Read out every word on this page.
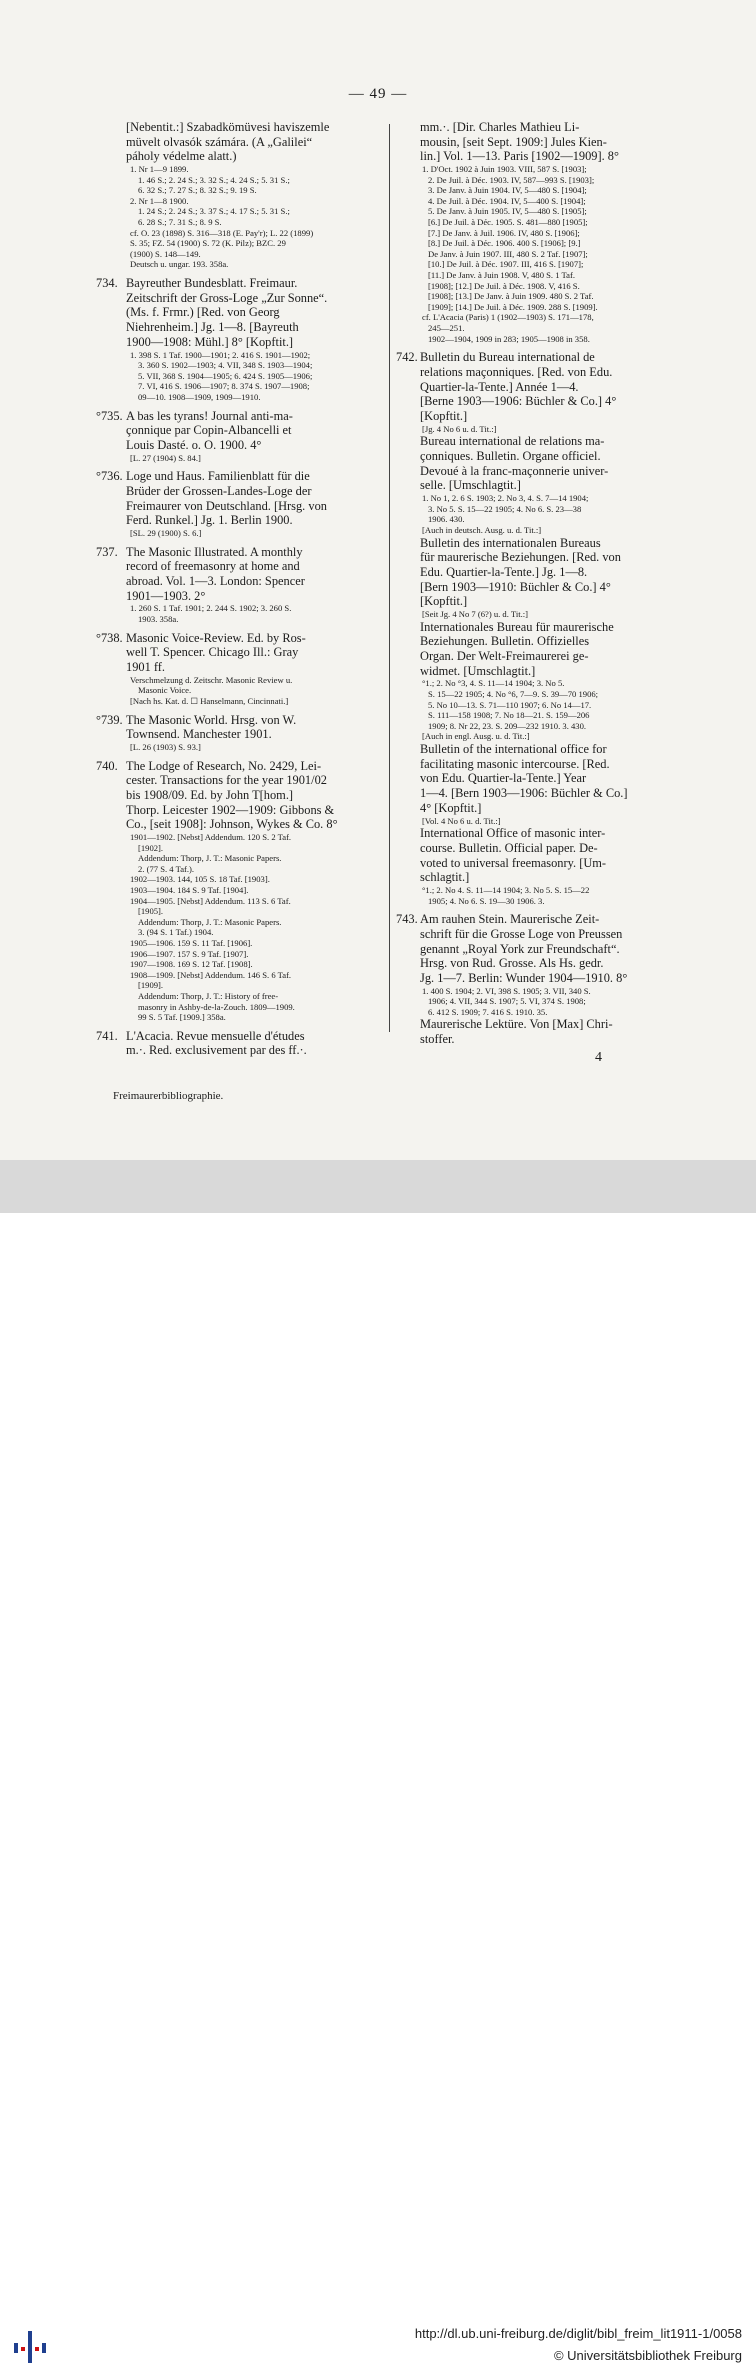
— 49 —
[Nebentit.:] Szabadkömüvesi haviszemle
müvelt olvasók számára. (A „Galilei“
páholy védelme alatt.)
1. Nr 1—9 1899.
1. 46 S.; 2. 24 S.; 3. 32 S.; 4. 24 S.; 5. 31 S.;
6. 32 S.; 7. 27 S.; 8. 32 S.; 9. 19 S.
2. Nr 1—8 1900.
1. 24 S.; 2. 24 S.; 3. 37 S.; 4. 17 S.; 5. 31 S.;
6. 28 S.; 7. 31 S.; 8. 9 S.
cf. O. 23 (1898) S. 316—318 (E. Pay'r); L. 22 (1899)
S. 35; FZ. 54 (1900) S. 72 (K. Pilz); BZC. 29
(1900) S. 148—149.
Deutsch u. ungar. 193. 358a.
734. Bayreuther Bundesblatt. Freimaur.
Zeitschrift der Gross-Loge „Zur Sonne“.
(Ms. f. Frmr.) [Red. von Georg
Niehrenheim.] Jg. 1—8. [Bayreuth
1900—1908: Mühl.] 8° [Kopftit.]
1. 398 S. 1 Taf. 1900—1901; 2. 416 S. 1901—1902;
3. 360 S. 1902—1903; 4. VII, 348 S. 1903—1904;
5. VII, 368 S. 1904—1905; 6. 424 S. 1905—1906;
7. VI, 416 S. 1906—1907; 8. 374 S. 1907—1908;
09—10. 1908—1909, 1909—1910.
°735. A bas les tyrans! Journal anti-ma-
çonnique par Copin-Albancelli et
Louis Dasté. o. O. 1900. 4°
[L. 27 (1904) S. 84.]
°736. Loge und Haus. Familienblatt für die
Brüder der Grossen-Landes-Loge der
Freimaurer von Deutschland. [Hrsg. von
Ferd. Runkel.] Jg. 1. Berlin 1900.
[SL. 29 (1900) S. 6.]
737. The Masonic Illustrated. A monthly
record of freemasonry at home and
abroad. Vol. 1—3. London: Spencer
1901—1903. 2°
1. 260 S. 1 Taf. 1901; 2. 244 S. 1902; 3. 260 S.
1903. 358a.
°738. Masonic Voice-Review. Ed. by Ros-
well T. Spencer. Chicago Ill.: Gray
1901 ff.
Verschmelzung d. Zeitschr. Masonic Review u.
Masonic Voice.
[Nach hs. Kat. d. ☐ Hanselmann, Cincinnati.]
°739. The Masonic World. Hrsg. von W.
Townsend. Manchester 1901.
[L. 26 (1903) S. 93.]
740. The Lodge of Research, No. 2429, Lei-
cester. Transactions for the year 1901/02
bis 1908/09. Ed. by John T[hom.]
Thorp. Leicester 1902—1909: Gibbons &
Co., [seit 1908]: Johnson, Wykes & Co. 8°
1901—1902. [Nebst] Addendum. 120 S. 2 Taf.
[1902].
Addendum: Thorp, J. T.: Masonic Papers.
2. (77 S. 4 Taf.).
1902—1903. 144, 105 S. 18 Taf. [1903].
1903—1904. 184 S. 9 Taf. [1904].
1904—1905. [Nebst] Addendum. 113 S. 6 Taf.
[1905].
Addendum: Thorp, J. T.: Masonic Papers.
3. (94 S. 1 Taf.) 1904.
1905—1906. 159 S. 11 Taf. [1906].
1906—1907. 157 S. 9 Taf. [1907].
1907—1908. 169 S. 12 Taf. [1908].
1908—1909. [Nebst] Addendum. 146 S. 6 Taf.
[1909].
Addendum: Thorp, J. T.: History of free-
masonry in Ashby-de-la-Zouch. 1809—1909.
99 S. 5 Taf. [1909.] 358a.
741. L'Acacia. Revue mensuelle d'études
m.·. Red. exclusivement par des ff.·.
mm.·. [Dir. Charles Mathieu Li-
mousin, [seit Sept. 1909:] Jules Kien-
lin.] Vol. 1—13. Paris [1902—1909]. 8°
1. D'Oct. 1902 à Juin 1903. VIII, 587 S. [1903];
2. De Juil. à Déc. 1903. IV, 587—993 S. [1903];
3. De Janv. à Juin 1904. IV, 5—480 S. [1904];
4. De Juil. à Déc. 1904. IV, 5—400 S. [1904];
5. De Janv. à Juin 1905. IV, 5—480 S. [1905];
[6.] De Juil. à Déc. 1905. S. 481—880 [1905];
[7.] De Janv. à Juil. 1906. IV, 480 S. [1906];
[8.] De Juil. à Déc. 1906. 400 S. [1906]; [9.]
De Janv. à Juin 1907. III, 480 S. 2 Taf. [1907];
[10.] De Juil. à Déc. 1907. III, 416 S. [1907];
[11.] De Janv. à Juin 1908. V, 480 S. 1 Taf.
[1908]; [12.] De Juil. à Déc. 1908. V, 416 S.
[1908]; [13.] De Janv. à Juin 1909. 480 S. 2 Taf.
[1909]; [14.] De Juil. à Déc. 1909. 288 S. [1909].
cf. L'Acacia (Paris) 1 (1902—1903) S. 171—178,
245—251.
1902—1904, 1909 in 283; 1905—1908 in 358.
742. Bulletin du Bureau international de
relations maçonniques. [Red. von Edu.
Quartier-la-Tente.] Année 1—4.
[Berne 1903—1906: Büchler & Co.] 4°
[Kopftit.]
[Jg. 4 No 6 u. d. Tit.:]
Bureau international de relations ma-
çonniques. Bulletin. Organe officiel.
Devoué à la franc-maçonnerie univer-
selle. [Umschlagtit.]
1. No 1, 2. 6 S. 1903; 2. No 3, 4. S. 7—14 1904;
3. No 5. S. 15—22 1905; 4. No 6. S. 23—38
1906. 430.
[Auch in deutsch. Ausg. u. d. Tit.:]
Bulletin des internationalen Bureaus
für maurerische Beziehungen. [Red. von
Edu. Quartier-la-Tente.] Jg. 1—8.
[Bern 1903—1910: Büchler & Co.] 4°
[Kopftit.]
[Seit Jg. 4 No 7 (6?) u. d. Tit.:]
Internationales Bureau für maurerische
Beziehungen. Bulletin. Offizielles
Organ. Der Welt-Freimaurerei ge-
widmet. [Umschlagtit.]
°1.; 2. No °3, 4. S. 11—14 1904; 3. No 5.
S. 15—22 1905; 4. No °6, 7—9. S. 39—70 1906;
5. No 10—13. S. 71—110 1907; 6. No 14—17.
S. 111—158 1908; 7. No 18—21. S. 159—206
1909; 8. Nr 22, 23. S. 209—232 1910. 3. 430.
[Auch in engl. Ausg. u. d. Tit.:]
Bulletin of the international office for
facilitating masonic intercourse. [Red.
von Edu. Quartier-la-Tente.] Year
1—4. [Bern 1903—1906: Büchler & Co.]
4° [Kopftit.]
[Vol. 4 No 6 u. d. Tit.:]
International Office of masonic inter-
course. Bulletin. Official paper. De-
voted to universal freemasonry. [Um-
schlagtit.]
°1.; 2. No 4. S. 11—14 1904; 3. No 5. S. 15—22
1905; 4. No 6. S. 19—30 1906. 3.
743. Am rauhen Stein. Maurerische Zeit-
schrift für die Grosse Loge von Preussen
genannt „Royal York zur Freundschaft“.
Hrsg. von Rud. Grosse. Als Hs. gedr.
Jg. 1—7. Berlin: Wunder 1904—1910. 8°
1. 400 S. 1904; 2. VI, 398 S. 1905; 3. VII, 340 S.
1906; 4. VII, 344 S. 1907; 5. VI, 374 S. 1908;
6. 412 S. 1909; 7. 416 S. 1910. 35.
Maurerische Lektüre. Von [Max] Chri-
stoffer.
4
Freimaurerbibliographie.
http://dl.ub.uni-freiburg.de/diglit/bibl_freim_lit1911-1/0058
© Universitätsbibliothek Freiburg
